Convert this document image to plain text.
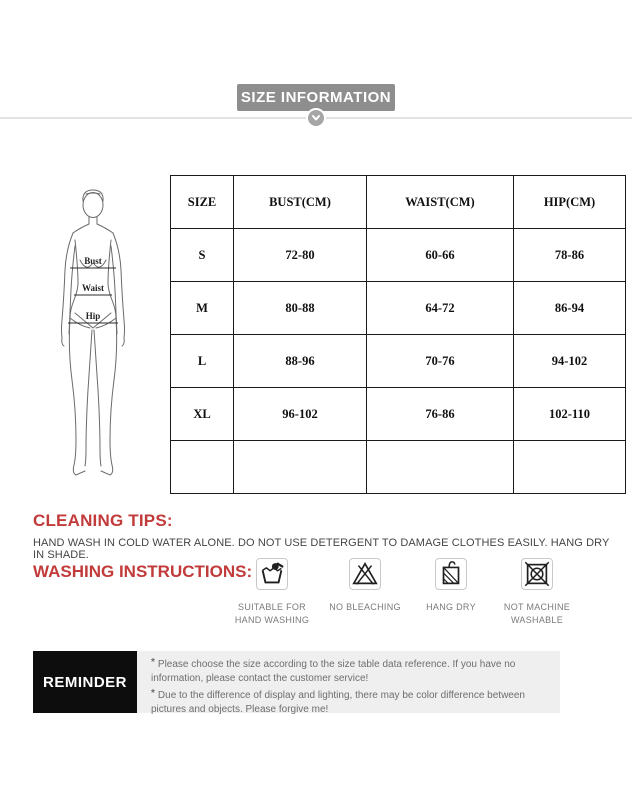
SIZE INFORMATION
Bust
Waist
Hip
SIZE	BUST(CM)	WAIST(CM)	HIP(CM)
S	72-80	60-66	78-86
M	80-88	64-72	86-94
L	88-96	70-76	94-102
XL	96-102	76-86	102-110

CLEANING TIPS:
HAND WASH IN COLD WATER ALONE. DO NOT USE DETERGENT TO DAMAGE CLOTHES EASILY. HANG DRY IN SHADE.
WASHING INSTRUCTIONS:
SUITABLE FOR HAND WASHING
NO BLEACHING	HANG DRY	NOT MACHINE WASHABLE
REMINDER

* Please choose the size according to the size table data reference. If you have no information, please contact the customer service!

* Due to the difference of display and lighting, there may be color difference between pictures and objects. Please forgive me!
